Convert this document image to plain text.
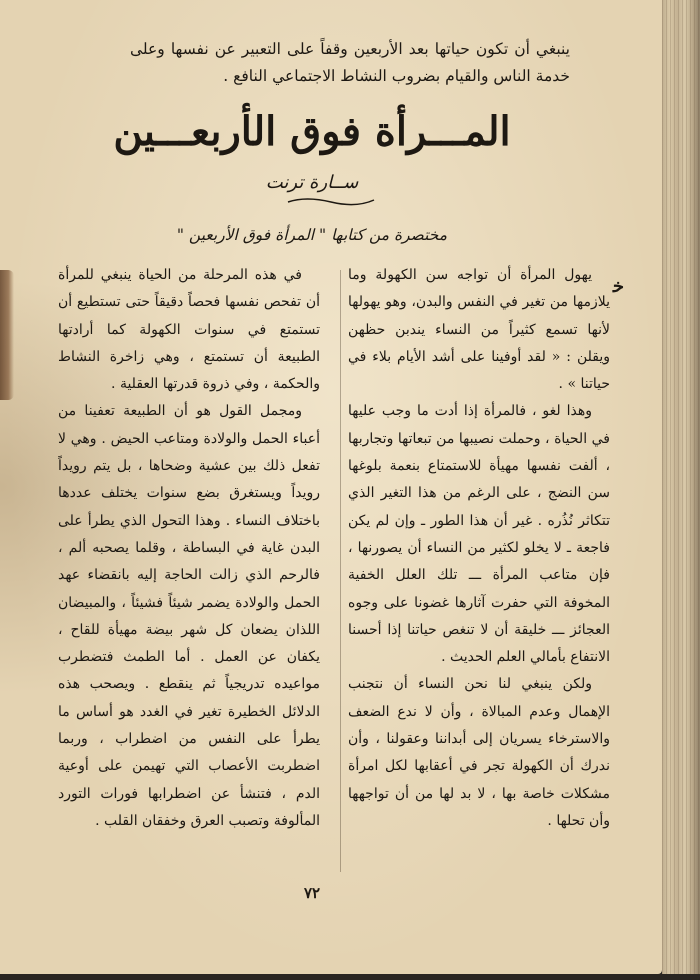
ينبغي أن تكون حياتها بعد الأربعين وقفاً على التعبير عن نفسها وعلى خدمة الناس والقيام بضروب النشاط الاجتماعي النافع .
المـــرأة فوق الأربعـــين
ســارة ترنت
مختصرة من كتابها " المرأة فوق الأربعين "
ﺧ

يهول المرأة أن تواجه سن الكهولة وما يلازمها من تغير في النفس والبدن، وهو يهولها لأنها تسمع كثيراً من النساء يندبن حظهن ويقلن : « لقد أوفينا على أشد الأيام بلاء في حياتنا » .

وهذا لغو ، فالمرأة إذا أدت ما وجب عليها في الحياة ، وحملت نصيبها من تبعاتها وتجاربها ، ألفت نفسها مهيأة للاستمتاع بنعمة بلوغها سن النضج ، على الرغم من هذا التغير الذي تتكاثر نُذُره . غير أن هذا الطور ـ وإن لم يكن فاجعة ـ لا يخلو لكثير من النساء أن يصورنها ، فإن متاعب المرأة ـــ تلك العلل الخفية المخوفة التي حفرت آثارها غضونا على وجوه العجائز ـــ خليقة أن لا تنغص حياتنا إذا أحسنا الانتفاع بأمالي العلم الحديث .

ولكن ينبغي لنا نحن النساء أن نتجنب الإهمال وعدم المبالاة ، وأن لا ندع الضعف والاسترخاء يسريان إلى أبداننا وعقولنا ، وأن ندرك أن الكهولة تجر في أعقابها لكل امرأة مشكلات خاصة بها ، لا بد لها من أن تواجهها وأن تحلها .

في هذه المرحلة من الحياة ينبغي للمرأة أن تفحص نفسها فحصاً دقيقاً حتى تستطيع أن تستمتع في سنوات الكهولة كما أرادتها الطبيعة أن تستمتع ، وهي زاخرة النشاط والحكمة ، وفي ذروة قدرتها العقلية .

ومجمل القول هو أن الطبيعة تعفينا من أعباء الحمل والولادة ومتاعب الحيض . وهي لا تفعل ذلك بين عشية وضحاها ، بل يتم رويداً رويداً ويستغرق بضع سنوات يختلف عددها باختلاف النساء . وهذا التحول الذي يطرأ على البدن غاية في البساطة ، وقلما يصحبه ألم ، فالرحم الذي زالت الحاجة إليه بانقضاء عهد الحمل والولادة يضمر شيئاً فشيئاً ، والمبيضان اللذان يضعان كل شهر بيضة مهيأة للقاح ، يكفان عن العمل . أما الطمث فتضطرب مواعيده تدريجياً ثم ينقطع . ويصحب هذه الدلائل الخطيرة تغير في الغدد هو أساس ما يطرأ على النفس من اضطراب ، وربما اضطربت الأعصاب التي تهيمن على أوعية الدم ، فتنشأ عن اضطرابها فورات التورد المألوفة وتصبب العرق وخفقان القلب .

٧٢
